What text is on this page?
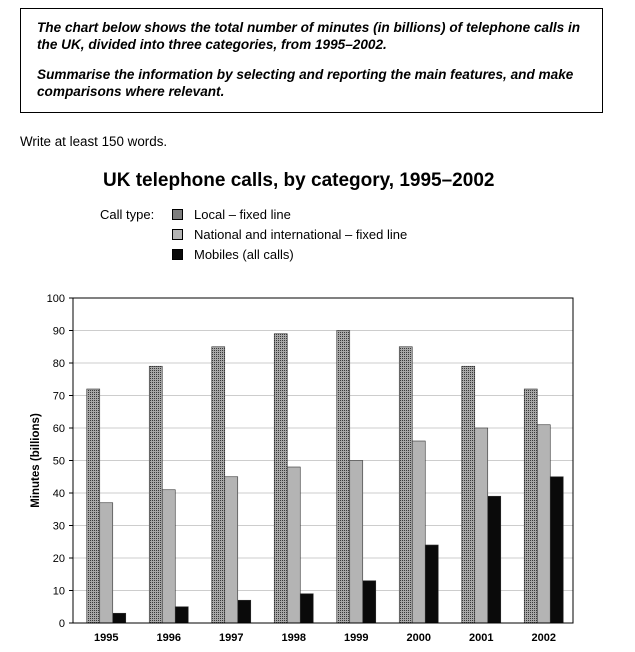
The chart below shows the total number of minutes (in billions) of telephone calls in the UK, divided into three categories, from 1995–2002.

Summarise the information by selecting and reporting the main features, and make comparisons where relevant.

Write at least 150 words.
UK telephone calls, by category, 1995–2002
Call type:	Local – fixed line
National and international – fixed line
Mobiles (all calls)
0
10
20
30
40
50
60
70
80
90
100
1995	1996	1997	1998	1999	2000	2001	2002
Minutes (billions)
